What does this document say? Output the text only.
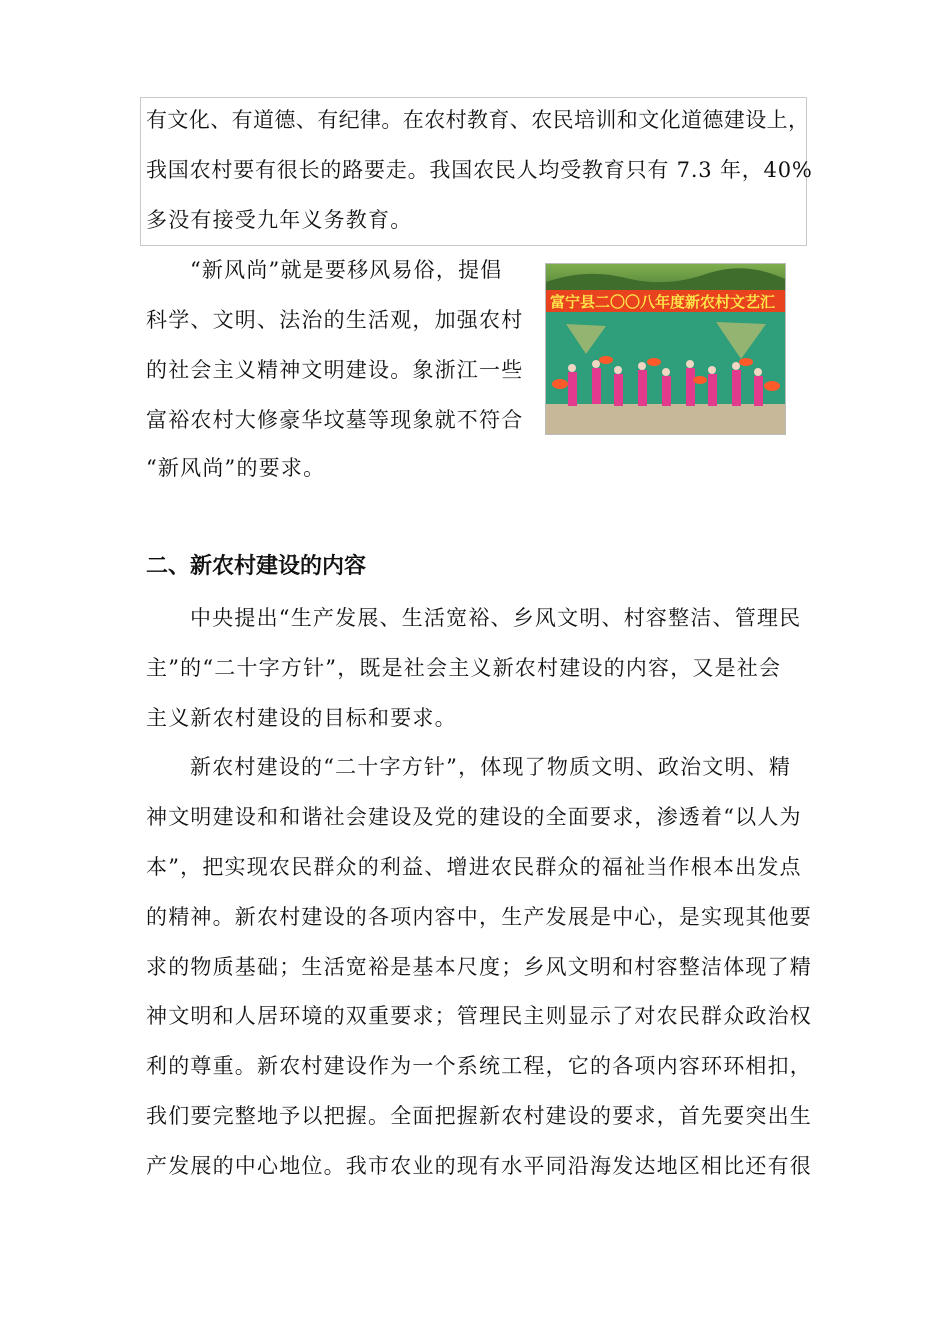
有文化、有道德、有纪律。在农村教育、农民培训和文化道德建设上，
我国农村要有很长的路要走。我国农民人均受教育只有 7.3 年，40%
多没有接受九年义务教育。
“新风尚”就是要移风易俗，提倡
科学、文明、法治的生活观，加强农村
的社会主义精神文明建设。象浙江一些
富裕农村大修豪华坟墓等现象就不符合
“新风尚”的要求。
富宁县二〇〇八年度新农村文艺汇
二、新农村建设的内容
中央提出“生产发展、生活宽裕、乡风文明、村容整洁、管理民
主”的“二十字方针”，既是社会主义新农村建设的内容，又是社会
主义新农村建设的目标和要求。
新农村建设的“二十字方针”，体现了物质文明、政治文明、精
神文明建设和和谐社会建设及党的建设的全面要求，渗透着“以人为
本”，把实现农民群众的利益、增进农民群众的福祉当作根本出发点
的精神。新农村建设的各项内容中，生产发展是中心，是实现其他要
求的物质基础；生活宽裕是基本尺度；乡风文明和村容整洁体现了精
神文明和人居环境的双重要求；管理民主则显示了对农民群众政治权
利的尊重。新农村建设作为一个系统工程，它的各项内容环环相扣，
我们要完整地予以把握。全面把握新农村建设的要求，首先要突出生
产发展的中心地位。我市农业的现有水平同沿海发达地区相比还有很
